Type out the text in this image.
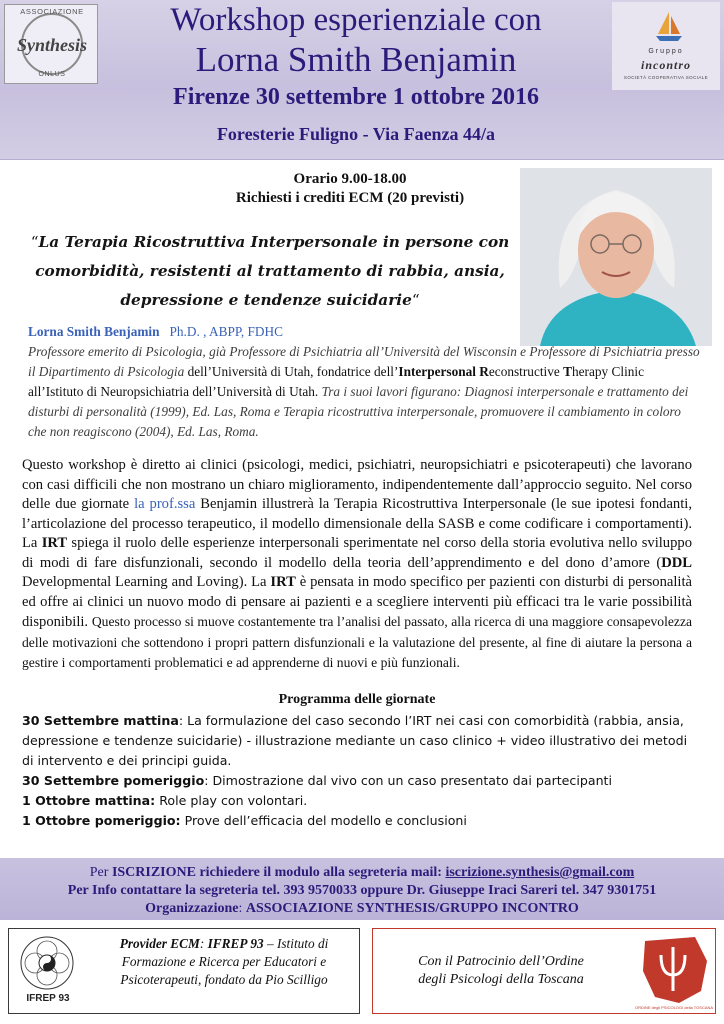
ASSOCIAZIONE
Synthesis
ONLUS
Workshop esperienziale con
Lorna Smith Benjamin
Firenze 30 settembre 1 ottobre 2016
Foresterie Fuligno - Via Faenza 44/a
Gruppo
incontro
SOCIETÀ COOPERATIVA SOCIALE
Orario 9.00-18.00
Richiesti i crediti ECM (20 previsti)
“La Terapia Ricostruttiva Interpersonale in persone con comorbidità, resistenti al trattamento di rabbia, ansia, depressione e tendenze suicidarie“
Lorna Smith Benjamin Ph.D. , ABPP, FDHC
Professore emerito di Psicologia, già Professore di Psichiatria all’Università del Wisconsin e Professore di Psichiatria presso il Dipartimento di Psicologia dell’Università di Utah, fondatrice dell’Interpersonal Reconstructive Therapy Clinic all’Istituto di Neuropsichiatria dell’Università di Utah. Tra i suoi lavori figurano: Diagnosi interpersonale e trattamento dei disturbi di personalità (1999), Ed. Las, Roma e Terapia ricostruttiva interpersonale, promuovere il cambiamento in coloro che non reagiscono (2004), Ed. Las, Roma.
Questo workshop è diretto ai clinici (psicologi, medici, psichiatri, neuropsichiatri e psicoterapeuti) che lavorano con casi difficili che non mostrano un chiaro miglioramento, indipendentemente dall’approccio seguito. Nel corso delle due giornate la prof.ssa Benjamin illustrerà la Terapia Ricostruttiva Interpersonale (le sue ipotesi fondanti, l’articolazione del processo terapeutico, il modello dimensionale della SASB e come codificare i comportamenti). La IRT spiega il ruolo delle esperienze interpersonali sperimentate nel corso della storia evolutiva nello sviluppo di modi di fare disfunzionali, secondo il modello della teoria dell’apprendimento e del dono d’amore (DDL Developmental Learning and Loving). La IRT è pensata in modo specifico per pazienti con disturbi di personalità ed offre ai clinici un nuovo modo di pensare ai pazienti e a scegliere interventi più efficaci tra le varie possibilità disponibili. Questo processo si muove costantemente tra l’analisi del passato, alla ricerca di una maggiore consapevolezza delle motivazioni che sottendono i propri pattern disfunzionali e la valutazione del presente, al fine di aiutare la persona a gestire i comportamenti problematici e ad apprenderne di nuovi e più funzionali.
Programma delle giornate
30 Settembre mattina: La formulazione del caso secondo l’IRT nei casi con comorbidità (rabbia, ansia, depressione e tendenze suicidarie) - illustrazione mediante un caso clinico + video illustrativo dei metodi di intervento e dei principi guida.
30 Settembre pomeriggio: Dimostrazione dal vivo con un caso presentato dai partecipanti
1 Ottobre mattina: Role play con volontari.
1 Ottobre pomeriggio: Prove dell’efficacia del modello e conclusioni
Per ISCRIZIONE richiedere il modulo alla segreteria mail: iscrizione.synthesis@gmail.com
Per Info contattare la segreteria tel. 393 9570033 oppure Dr. Giuseppe Iraci Sareri tel. 347 9301751
Organizzazione: ASSOCIAZIONE SYNTHESIS/GRUPPO INCONTRO
IFREP 93
Provider ECM: IFREP 93 – Istituto di Formazione e Ricerca per Educatori e Psicoterapeuti, fondato da Pio Scilligo
Con il Patrocinio dell’Ordine
degli Psicologi della Toscana
ORDINE degli PSICOLOGI della TOSCANA
